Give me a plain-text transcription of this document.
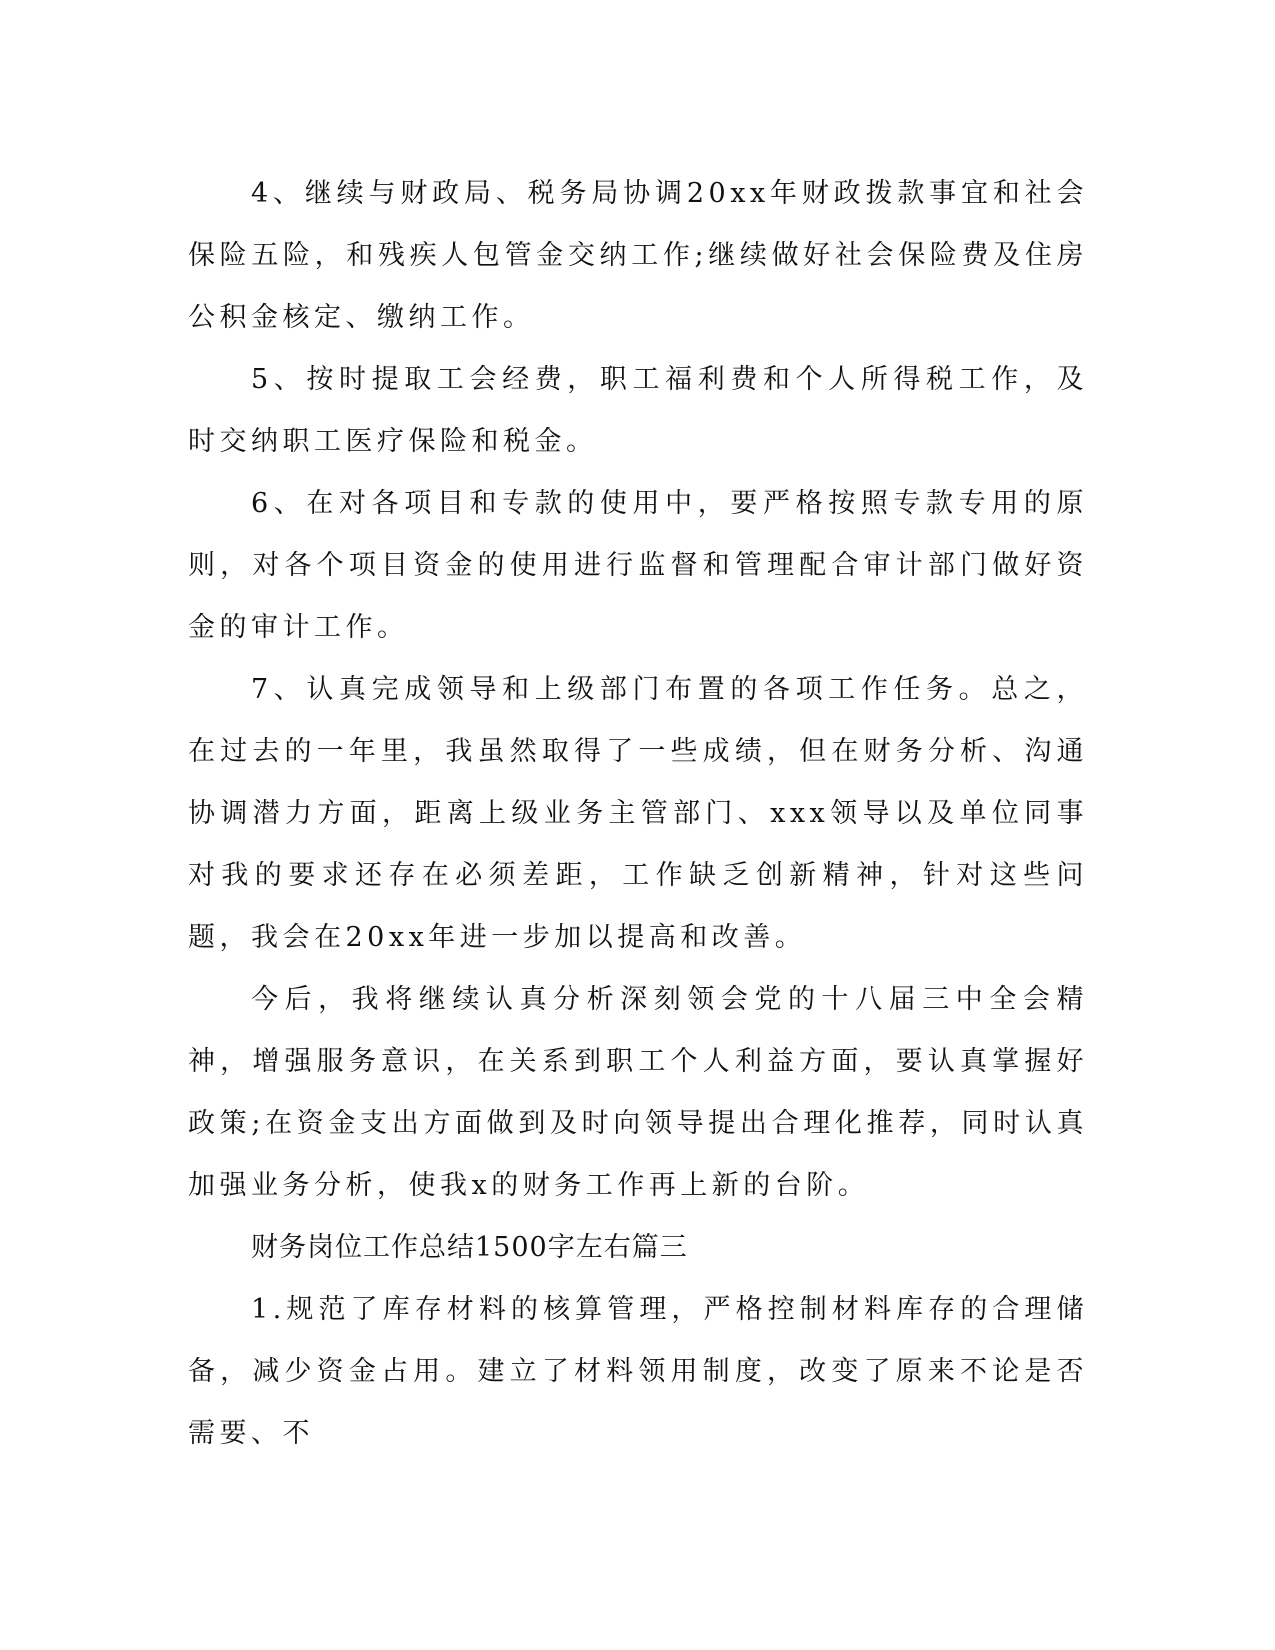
4、继续与财政局、税务局协调20xx年财政拨款事宜和社会保险五险，和残疾人包管金交纳工作;继续做好社会保险费及住房公积金核定、缴纳工作。

5、按时提取工会经费，职工福利费和个人所得税工作，及时交纳职工医疗保险和税金。

6、在对各项目和专款的使用中，要严格按照专款专用的原则，对各个项目资金的使用进行监督和管理配合审计部门做好资金的审计工作。

7、认真完成领导和上级部门布置的各项工作任务。总之，在过去的一年里，我虽然取得了一些成绩，但在财务分析、沟通协调潜力方面，距离上级业务主管部门、xxx领导以及单位同事对我的要求还存在必须差距，工作缺乏创新精神，针对这些问题，我会在20xx年进一步加以提高和改善。

今后，我将继续认真分析深刻领会党的十八届三中全会精神，增强服务意识，在关系到职工个人利益方面，要认真掌握好政策;在资金支出方面做到及时向领导提出合理化推荐，同时认真加强业务分析，使我x的财务工作再上新的台阶。

财务岗位工作总结1500字左右篇三

1.规范了库存材料的核算管理，严格控制材料库存的合理储备，减少资金占用。建立了材料领用制度，改变了原来不论是否需要、不
